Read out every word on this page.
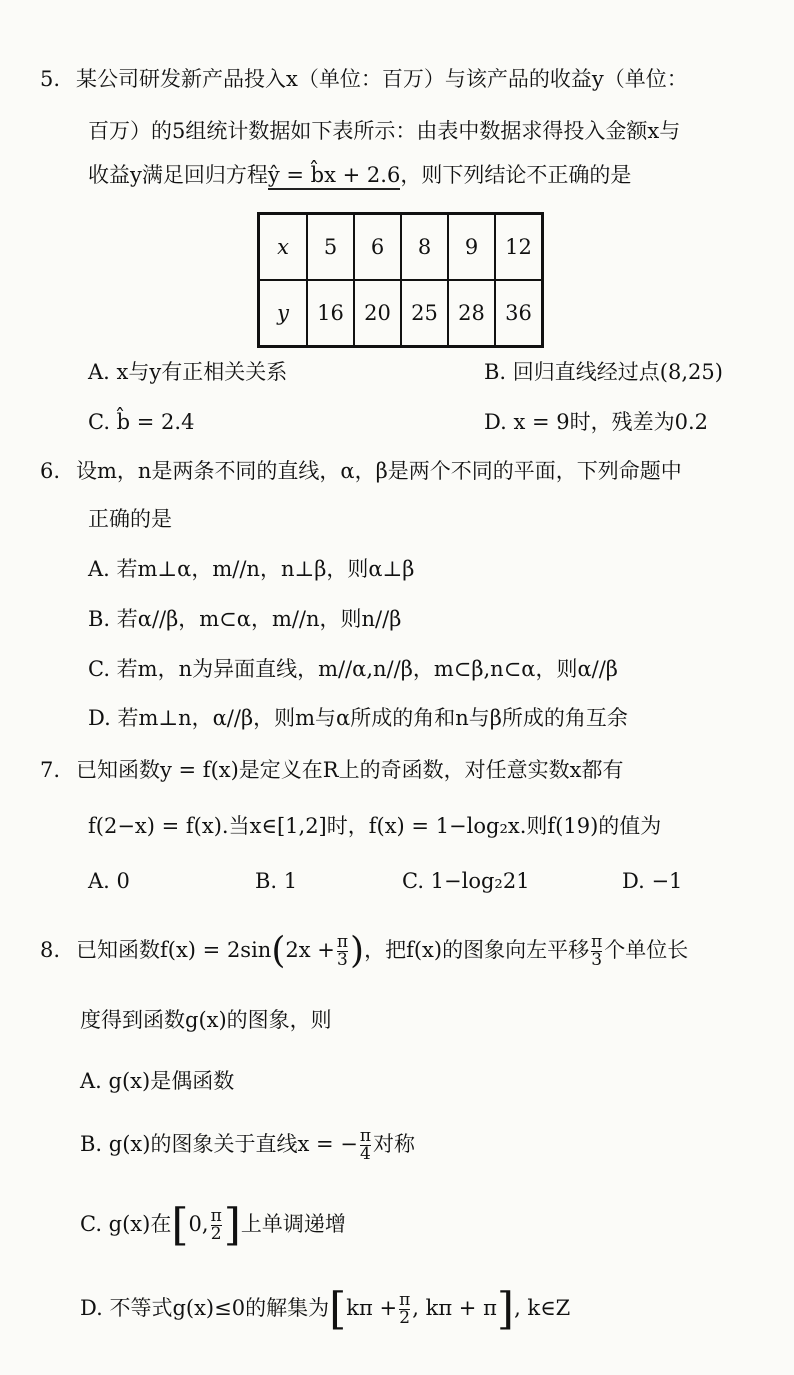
5. 某公司研发新产品投入x（单位：百万）与该产品的收益y（单位：
百万）的5组统计数据如下表所示：由表中数据求得投入金额x与
收益y满足回归方程ŷ = b̂x + 2.6，则下列结论不正确的是
x	5	6	8	9	12
y	16	20	25	28	36
A. x与y有正相关关系	B. 回归直线经过点(8,25)
C. b̂ = 2.4	D. x = 9时，残差为0.2
6. 设m，n是两条不同的直线，α，β是两个不同的平面，下列命题中
正确的是
A. 若m⊥α，m//n，n⊥β，则α⊥β
B. 若α//β，m⊂α，m//n，则n//β
C. 若m，n为异面直线，m//α,n//β，m⊂β,n⊂α，则α//β
D. 若m⊥n，α//β，则m与α所成的角和n与β所成的角互余
7. 已知函数y = f(x)是定义在R上的奇函数，对任意实数x都有
f(2−x) = f(x).当x∈[1,2]时，f(x) = 1−log₂x.则f(19)的值为
A. 0	B. 1	C. 1−log₂21	D. −1
8. 已知函数$f(x) = 2\sin(2x + \frac{\pi}{3}$ )，把f(x)的图象向左平移 $\frac{\pi}{3}$ 个单位长
度得到函数g(x)的图象，则
A. g(x)是偶函数
B. g(x)的图象关于直线x = − $\frac{\pi}{4}$ 对称
C. g(x)在[0, $\frac{\pi}{2}$ ]上单调递增
D. 不等式g(x)≤0的解集为[$k\pi + \frac{\pi}{2}$ , kπ + π], k∈Z
